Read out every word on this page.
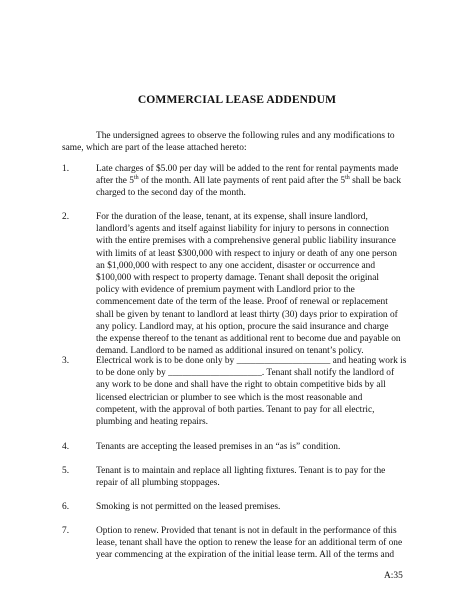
COMMERCIAL LEASE ADDENDUM
The undersigned agrees to observe the following rules and any modifications to
same, which are part of the lease attached hereto:
1.	Late charges of $5.00 per day will be added to the rent for rental payments made
after the 5th of the month. All late payments of rent paid after the 5th shall be back
charged to the second day of the month.
2.	For the duration of the lease, tenant, at its expense, shall insure landlord,
landlord’s agents and itself against liability for injury to persons in connection
with the entire premises with a comprehensive general public liability insurance
with limits of at least $300,000 with respect to injury or death of any one person
an $1,000,000 with respect to any one accident, disaster or occurrence and
$100,000 with respect to property damage. Tenant shall deposit the original
policy with evidence of premium payment with Landlord prior to the
commencement date of the term of the lease. Proof of renewal or replacement
shall be given by tenant to landlord at least thirty (30) days prior to expiration of
any policy. Landlord may, at his option, procure the said insurance and charge
the expense thereof to the tenant as additional rent to become due and payable on
demand. Landlord to be named as additional insured on tenant’s policy.
3.	Electrical work is to be done only by ____________________ and heating work is
to be done only by ____________________. Tenant shall notify the landlord of
any work to be done and shall have the right to obtain competitive bids by all
licensed electrician or plumber to see which is the most reasonable and
competent, with the approval of both parties. Tenant to pay for all electric,
plumbing and heating repairs.
4.	Tenants are accepting the leased premises in an “as is” condition.
5.	Tenant is to maintain and replace all lighting fixtures. Tenant is to pay for the
repair of all plumbing stoppages.
6.	Smoking is not permitted on the leased premises.
7.	Option to renew. Provided that tenant is not in default in the performance of this
lease, tenant shall have the option to renew the lease for an additional term of one
year commencing at the expiration of the initial lease term. All of the terms and
A:35
